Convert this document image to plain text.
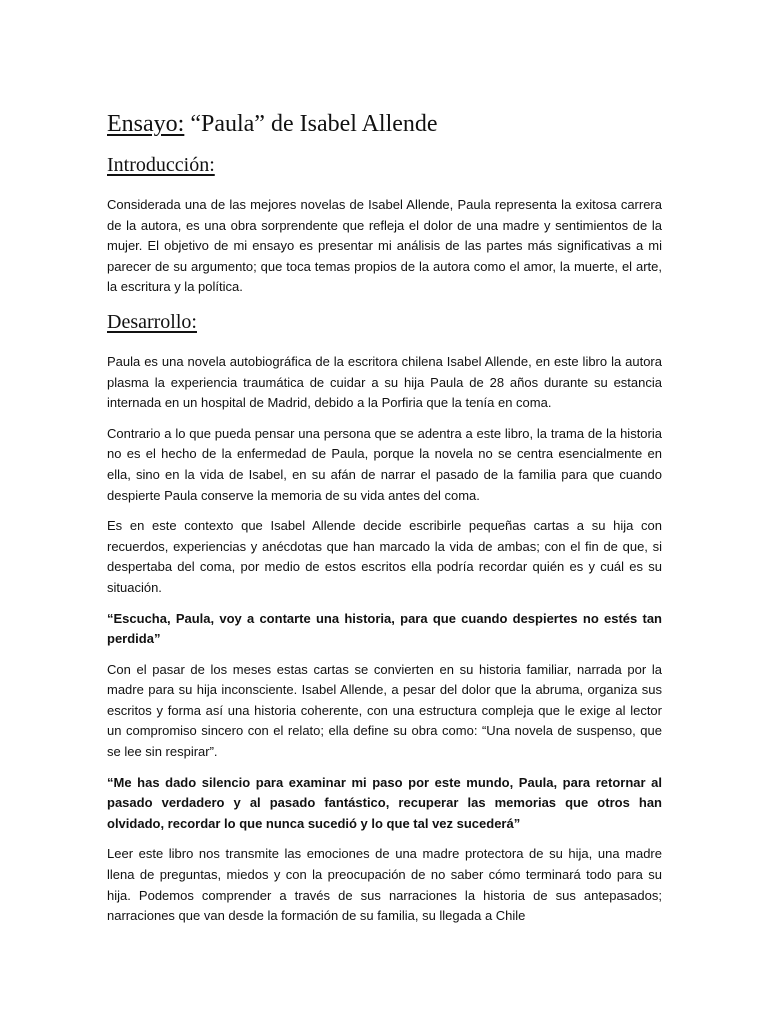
Ensayo: “Paula” de Isabel Allende
Introducción:

Considerada una de las mejores novelas de Isabel Allende, Paula representa la exitosa carrera de la autora, es una obra sorprendente que refleja el dolor de una madre y sentimientos de la mujer. El objetivo de mi ensayo es presentar mi análisis de las partes más significativas a mi parecer de su argumento; que toca temas propios de la autora como el amor, la muerte, el arte, la escritura y la política.

Desarrollo:

Paula es una novela autobiográfica de la escritora chilena Isabel Allende, en este libro la autora plasma la experiencia traumática de cuidar a su hija Paula de 28 años durante su estancia internada en un hospital de Madrid, debido a la Porfiria que la tenía en coma.

Contrario a lo que pueda pensar una persona que se adentra a este libro, la trama de la historia no es el hecho de la enfermedad de Paula, porque la novela no se centra esencialmente en ella, sino en la vida de Isabel, en su afán de narrar el pasado de la familia para que cuando despierte Paula conserve la memoria de su vida antes del coma.

Es en este contexto que Isabel Allende decide escribirle pequeñas cartas a su hija con recuerdos, experiencias y anécdotas que han marcado la vida de ambas; con el fin de que, si despertaba del coma, por medio de estos escritos ella podría recordar quién es y cuál es su situación.

“Escucha, Paula, voy a contarte una historia, para que cuando despiertes no estés tan perdida”

Con el pasar de los meses estas cartas se convierten en su historia familiar, narrada por la madre para su hija inconsciente. Isabel Allende, a pesar del dolor que la abruma, organiza sus escritos y forma así una historia coherente, con una estructura compleja que le exige al lector un compromiso sincero con el relato; ella define su obra como: “Una novela de suspenso, que se lee sin respirar”.

“Me has dado silencio para examinar mi paso por este mundo, Paula, para retornar al pasado verdadero y al pasado fantástico, recuperar las memorias que otros han olvidado, recordar lo que nunca sucedió y lo que tal vez sucederá”

Leer este libro nos transmite las emociones de una madre protectora de su hija, una madre llena de preguntas, miedos y con la preocupación de no saber cómo terminará todo para su hija. Podemos comprender a través de sus narraciones la historia de sus antepasados; narraciones que van desde la formación de su familia, su llegada a Chile
